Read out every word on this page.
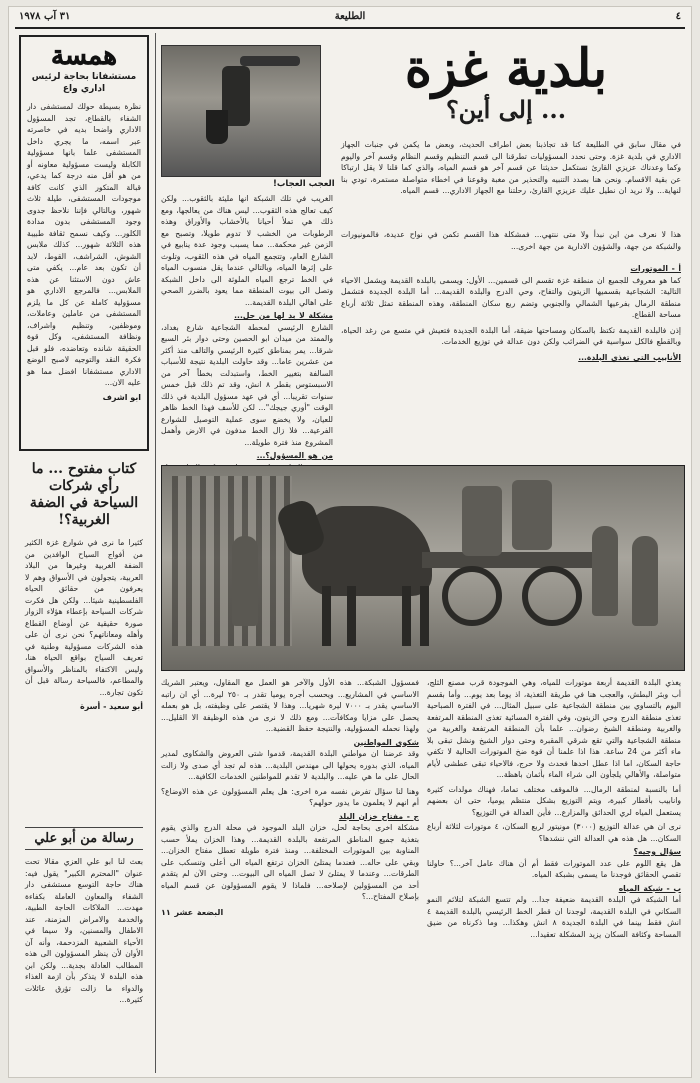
٤
الطليعة
٣١ آب ١٩٧٨
همسة
مستشفانا بحاجة لرئيس اداري واع
نظرة بسيطة حولك لمستشفى دار الشفاء بالقطاع، تجد المسؤول الاداري واضحا بديه في خاصرته عبر اسمه، ما يجري داخل المستشفى علما بانها مسؤولية الكابلة وليست مسؤولية معاونه أو من هو أقل منه درجة كما يدعي، قبالة المتكور الذي كانت كافة موجودات المستشفى، طيلة ثلاث شهور، وبالتالي فإننا نلاحظ جدوى وجود المستشفى بدون مدادة الكلور... وكيف نسمح ثقافة طبيبة هذه الثلاثة شهور... كذلك ملابس الشوش، الشراشف، القوط، لابد أن تكون بعد عام... يكفي متى عاش دون الاستئنا عن هذه الملابس... فالمرجع الاداري هو مسؤولية كاملة عن كل ما يلزم المستشفى من عاملين وعاملات، وموظفين، وتنظيم واشراف، ونظافة المستشفى، وكل قوة الحقيقة شانده وتعاضده، فلو قبل فكرة النقد والتوجيه لاصبح الوضع الاداري مستشفانا افضل مما هو عليه الان...
ابو اشرف
كتاب مفتوح ... ما رأي شركات السياحة في الضفة الغربية؟!
كثيرا ما نرى في شوارع غزة الكثير من أفواج السياح الوافدين من الضفة الغربية وغيرها من البلاد العربية، يتجولون في الأسواق وهم لا يعرفون من حقائق الحياة الفلسطينية شيئا... ولكن هل فكرت شركات السياحة بإعطاء هؤلاء الزوار صورة حقيقية عن أوضاع القطاع وأهله ومعاناتهم؟ نحن نرى أن على هذه الشركات مسؤولية وطنية في تعريف السياح بواقع الحياة هنا، وليس الاكتفاء بالمناظر والأسواق والمطاعم، فالسياحة رسالة قبل أن تكون تجارة...
أبو سعيد - أسرة
رسالة من أبو علي
بعث لنا ابو علي العزي مقالا تحت عنوان "المحترم الكبير" يقول فيه: هناك حاجة التوسع مستشفى دار الشفاء والمعاون العاملة بكفاءة مهدت... الملاكات الحاجة الطبية، والخدمة والامراض المزمنة، عند الاطفال والمسنين، ولا سيما في الأحياء الشعبية المزدحمة، وأنه آن الأوان لأن ينظر المسؤولون الى هذه المطالب العادلة بجدية... ولكن ابن هذه البلدة لا يتذكر بأن ازمة الغذاء والدواء ما زالت تؤرق عائلات كثيرة...
بلدية غزة
... إلى أين؟
في مقال سابق في الطليعة كنا قد تجاذبنا بعض اطراف الحديث، وبعض ما يكمن في جنبات الجهاز الاداري في بلدية غزة. وحتى نحدد المسؤوليات تطرقنا الى قسم التنظيم وقسم النظام وقسم آخر واليوم وكما وعدناك عزيزي القارئ نستكمل حديثنا عن قسم آخر هو قسم المياه، والذي كما قلنا لا يقل ارتباكا عن بقية الاقسام. ونحن هنا بصدد التنبيه والتحذير من مغبة وقوعنا في اخطاء متواصلة مستمرة، تودي بنا لنهاية... ولا نريد ان نطيل عليك عزيزي القارئ، رحلتنا مع الجهاز الاداري... قسم المياه.
هذا لا نعرف من اين نبدأ ولا متى ننتهي... فمشكلة هذا القسم تكمن في نواح عديدة، فالمونيورات والشبكة من جهة، والشؤون الادارية من جهة اخرى...
أ - الموتورات
كما هو معروف للجميع ان منطقة غزة تقسم الى قسمين... الأول: ويسمى بالبلدة القديمة ويشمل الاحياء التالية: الشجاعية بقسميها الزيتون والتفاح، وحي الدرج والبلدة القديمة... أما البلدة الجديدة فتشمل منطقة الرمال بفرعيها الشمالي والجنوبي وتضم ربع سكان المنطقة، وهذه المنطقة تمثل ثلاثة أرباع مساحة القطاع.
إذن فالبلدة القديمة تكتظ بالسكان ومساحتها ضيقة، أما البلدة الجديدة فتعيش في متسع من رغد الحياة، وبالقطع فالكل سواسية في الضرائب ولكن دون عدالة في توزيع الخدمات.
الأنابيب التي تغذي البلدة...
العجب العجاب!
الغريب في تلك الشبكة انها مليئة بالثقوب... ولكن كيف تعالج هذه الثقوب... ليس هناك من يعالجها، ومع ذلك هي تملأ أحيانا بالأخشاب والأوراق وهذه الرطوبات من الخشب لا تدوم طويلا، وتصبح مع الزمن غير محكمة... مما يسبب وجود عدة ينابيع في الشارع العام، وتتجمع المياه في هذه الثقوب، وتلوث على إثرها المياه، وبالتالي عندما يقل منسوب المياه في الخط ترجع المياه الملوثة الى داخل الشبكة وتصل الى بيوت المنطقة مما يعود بالضرر الصحي على اهالي البلدة القديمة...
مشكلة لا بد لها من حل...
الشارع الرئيسي لمحطة الشجاعية شارع بغداد، والممتد من ميدان ابو الحصين وحتى دوار بئر السبع شرقا... يمر بمناطق كثيرة الرئيسي والتالف منذ أكثر من عشرين عاما... وقد حاولت البلدية نتيجة للأسباب السالفة بتغيير الخط، واستبدلت بخطاً آخر من الاسبستوس بقطر ٨ انش، وقد تم ذلك قبل خمس سنوات تقريبا... أي في عهد مسؤول البلدية في ذلك الوقت "أوري جيجك"... لكن للأسف فهذا الخط ظاهر للعيان، ولا يخضع سوى عملية التوصيل للشوارع الفرعية... فلا زال الخط مدفون في الارض وأهمل المشروع منذ فترة طويلة...
من هو المسؤول؟...
فمسؤول الشبكة... هذه الأول والآخر هو العمل مع المقاول، ويعتبر الشريك الاساسي في المشاريع... ويحسب أجره يوميا تقدر بـ ٢٥٠ ليرة... أي ان راتبه الاساسي يقدر بـ ٧٠٠٠ ليرة شهريا... وهذا لا يقتصر على وظيفته، بل هو بعمله يحصل على مزايا ومكافآت... ومع ذلك لا نرى من هذه الوظيفة الا القليل... ولهذا نحمله المسؤولية، والنتيجة حفظ القضية...
شكوى المواطنين
وقد عرضنا ان مواطني البلدة القديمة، قدموا شتى العروض والشكاوى لمدير المياه، الذي بدوره يحولها الى مهندس البلدية... هذه لم تجد أي صدى ولا زالت الحال على ما هي عليه... والبلدية لا تقدم للمواطنين الخدمات الكافية...
وهنا لنا سؤال تفرض نفسه مرة اخرى: هل يعلم المسؤولون عن هذه الاوضاع؟ أم انهم لا يعلمون ما يدور حولهم؟
ج - مفتاح خزان البلد
مشكلة اخرى بحاجة لحل، خزان البلد الموجود في محلة الدرج والذي يقوم بتغذية جميع المناطق المرتفعة بالبلدة القديمة... وهذا الخزان يملأ حسب المناوبة بين الموتورات المختلفة... ومنذ فترة طويلة تعطل مفتاح الخزان... وبقي على حاله... فعندما يمتلئ الخزان ترتفع المياه الى أعلى وتنسكب على الطرقات... وعندما لا يمتلئ لا تصل المياه الى البيوت... وحتى الآن لم يتقدم أحد من المسؤولين لإصلاحه... فلماذا لا يقوم المسؤولون عن قسم المياه بإصلاح المفتاح...؟
البضعة عشر ١١
يغذي البلدة القديمة أربعة موتورات للمياه، وهي الموجودة قرب مصنع الثلج، أب وبئر البطش، والعجب هنا في طريقة التغذية، اذ يوما بعد يوم... وأما بقسم اليوم بالتساوي بين منطقة الشجاعية على سبيل المثال... في الفترة الصباحية تغذى منطقة الدرج وحي الزيتون، وفي الفترة المسائية تغذى المنطقة المرتفعة والغربية ومنطقة الشيخ رضوان... علما بأن المنطقة المرتفعة والغربية من منطقة الشجاعية والتي تقع شرقي المقبرة وحتى دوار الشيخ ونشل تبقى بلا ماء أكثر من 24 ساعة. هذا اذا علمنا أن قوة ضخ الموتورات الحالية لا تكفي حاجة السكان، اما اذا عطل احدها فحدث ولا حرج، فالاحياء تبقى عطشى لأيام متواصلة، والأهالي يلجأون الى شراء الماء بأثمان باهظة...
أما بالنسبة لمنطقة الرمال... فالموقف مختلف تماما، فهناك مولدات كثيرة وانابيب بأقطار كبيرة، ويتم التوزيع بشكل منتظم يوميا، حتى ان بعضهم يستعمل المياه لري الحدائق والمزارع... فأين العدالة في التوزيع؟
نرى ان هي عدالة التوزيع (٣٠٠٠) مونيتور لربع السكان، ٤ موتورات لثلاثة أرباع السكان... هل هذه هي العدالة التي ننشدها؟
سؤال وجيه؟
هل يقع اللوم على عدد الموتورات فقط أم أن هناك عامل آخر...؟ حاولنا تقصي الحقائق فوجدنا ما يسمى بشبكة المياه.
ب - شبكة المياه
أما الشبكة في البلدة القديمة ضعيفة جدا... ولم تتسع الشبكة لتلائم النمو السكاني في البلدة القديمة، لوجدنا ان قطر الخط الرئيسي بالبلدة القديمة ٤ انش فقط بينما في البلدة الجديدة ٨ انش وهكذا... وما ذكرناه من ضيق المساحة وكثافة السكان يزيد المشكلة تعقيدا...
